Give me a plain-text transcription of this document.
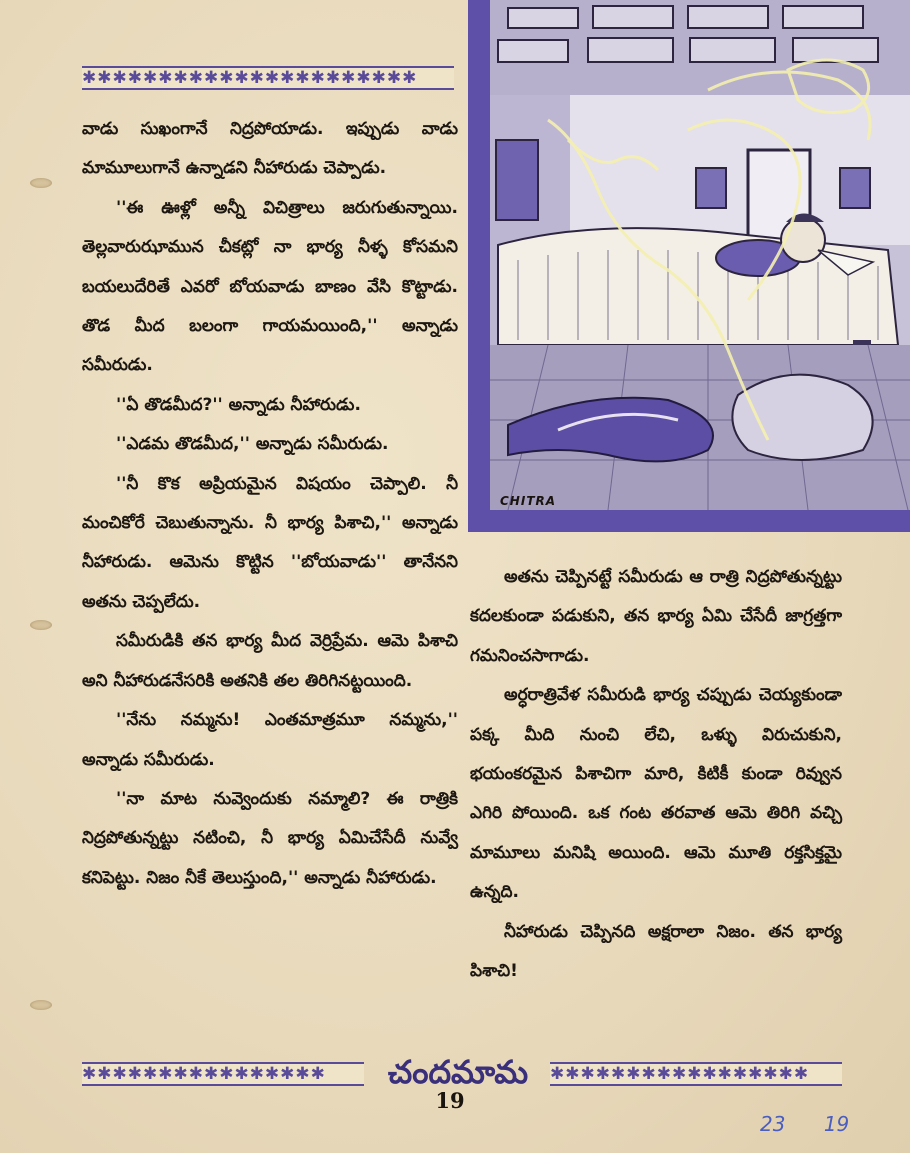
✱✱✱✱✱✱✱✱✱✱✱✱✱✱✱✱✱✱✱✱✱✱

వాడు సుఖంగానే నిద్రపోయాడు. ఇప్పుడు వాడు మామూలుగానే ఉన్నాడని నీహారుడు చెప్పాడు.

''ఈ ఊళ్లో అన్నీ విచిత్రాలు జరుగుతున్నాయి. తెల్లవారుఝామున చీకట్లో నా భార్య నీళ్ళ కోసమని బయలుదేరితే ఎవరో బోయవాడు బాణం వేసి కొట్టాడు. తొడ మీద బలంగా గాయమయింది,'' అన్నాడు సమీరుడు.

''ఏ తొడమీద?'' అన్నాడు నీహారుడు.

''ఎడమ తొడమీద,'' అన్నాడు సమీరుడు.

''నీ కొక అప్రియమైన విషయం చెప్పాలి. నీ మంచికోరే చెబుతున్నాను. నీ భార్య పిశాచి,'' అన్నాడు నీహారుడు. ఆమెను కొట్టిన ''బోయవాడు'' తానేనని అతను చెప్పలేదు.

సమీరుడికి తన భార్య మీద వెర్రిప్రేమ. ఆమె పిశాచి అని నీహారుడనేసరికి అతనికి తల తిరిగినట్టయింది.

''నేను నమ్మను! ఎంతమాత్రమూ నమ్మను,'' అన్నాడు సమీరుడు.

''నా మాట నువ్వెందుకు నమ్మాలి? ఈ రాత్రికి నిద్రపోతున్నట్టు నటించి, నీ భార్య ఏమిచేసేదీ నువ్వే కనిపెట్టు. నిజం నీకే తెలుస్తుంది,'' అన్నాడు నీహారుడు.

CHITRA

అతను చెప్పినట్టే సమీరుడు ఆ రాత్రి నిద్రపోతున్నట్టు కదలకుండా పడుకుని, తన భార్య ఏమి చేసేదీ జాగ్రత్తగా గమనించసాగాడు.

అర్ధరాత్రివేళ సమీరుడి భార్య చప్పుడు చెయ్యకుండా పక్క మీది నుంచి లేచి, ఒళ్ళు విరుచుకుని, భయంకరమైన పిశాచిగా మారి, కిటికీ కుండా రివ్వున ఎగిరి పోయింది. ఒక గంట తరవాత ఆమె తిరిగి వచ్చి మామూలు మనిషి అయింది. ఆమె మూతి రక్తసిక్తమై ఉన్నది.

నీహారుడు చెప్పినది అక్షరాలా నిజం. తన భార్య పిశాచి!

✱✱✱✱✱✱✱✱✱✱✱✱✱✱✱✱	చందమామ	✱✱✱✱✱✱✱✱✱✱✱✱✱✱✱✱✱
19
23 19
